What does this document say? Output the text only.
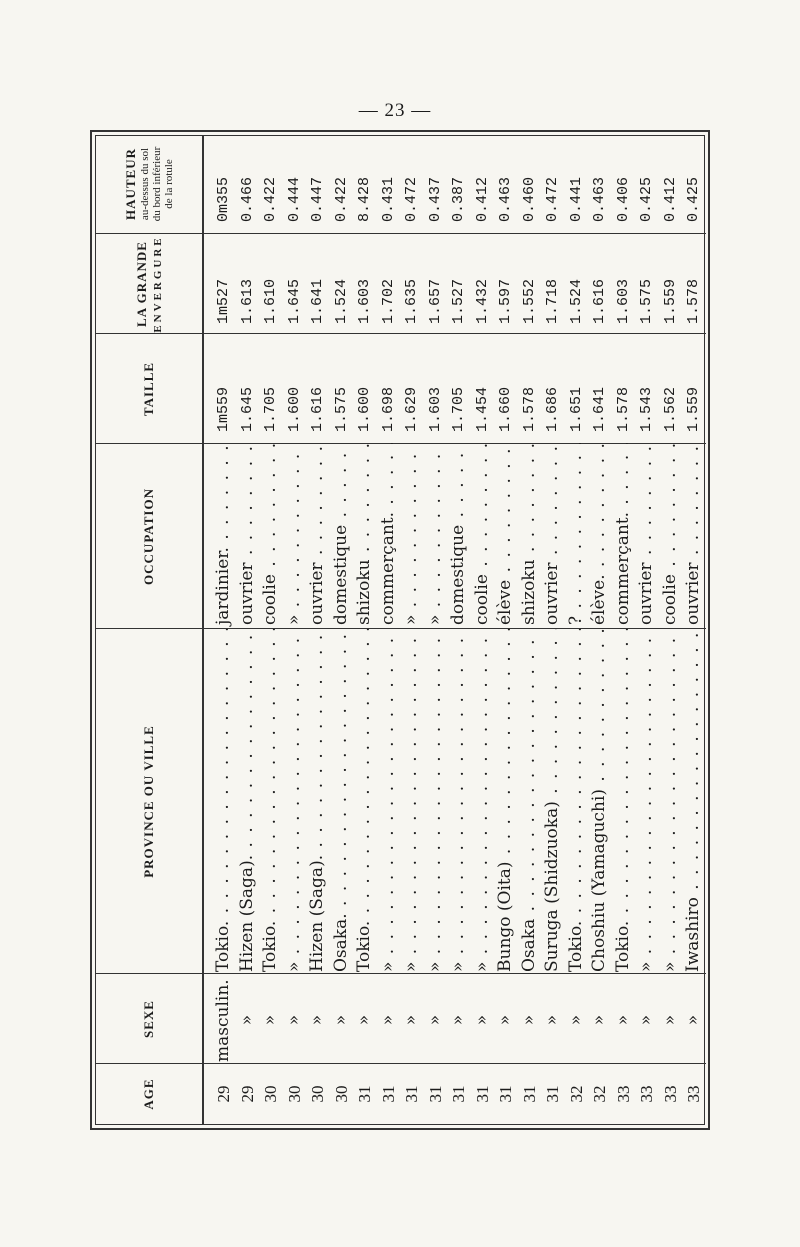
— 23 —
AGE
SEXE
PROVINCE OU VILLE
OCCUPATION
TAILLE
LA GRANDE ENVERGURE
HAUTEUR au-dessus du sol du bord inférieur de la rotule
29
masculin.
Tokio. . . .
jardinier. . . .
1m559
1m527
0m355
29
»
Hizen (Saga). . . .
ouvrier . . .
1.645
1.613
0.466
30
»
Tokio. . . .
coolie . . .
1.705
1.610
0.422
30
»
» . . .
» . . .
1.600
1.645
0.444
30
»
Hizen (Saga). . . .
ouvrier . . .
1.616
1.641
0.447
30
»
Osaka. . . .
domestique . . .
1.575
1.524
0.422
31
»
Tokio. . . .
shizoku . . .
1.600
1.603
8.428
31
»
» . . .
commerçant. . . .
1.698
1.702
0.431
31
»
» . . .
» . . .
1.629
1.635
0.472
31
»
» . . .
» . . .
1.603
1.657
0.437
31
»
» . . .
domestique . . .
1.705
1.527
0.387
31
»
» . . .
coolie . . .
1.454
1.432
0.412
31
»
Bungo (Oita) . . .
élève . . .
1.660
1.597
0.463
31
»
Osaka . . .
shizoku . . .
1.578
1.552
0.460
31
»
Suruga (Shidzuoka) . . .
ouvrier . . .
1.686
1.718
0.472
32
»
Tokio. . . .
? . . .
1.651
1.524
0.441
32
»
Choshiu (Yamaguchi) . . .
élève. . . .
1.641
1.616
0.463
33
»
Tokio. . . .
commerçant. . . .
1.578
1.603
0.406
33
»
» . . .
ouvrier . . .
1.543
1.575
0.425
33
»
» . . .
coolie . . .
1.562
1.559
0.412
33
»
Iwashiro . . .
ouvrier . . .
1.559
1.578
0.425
